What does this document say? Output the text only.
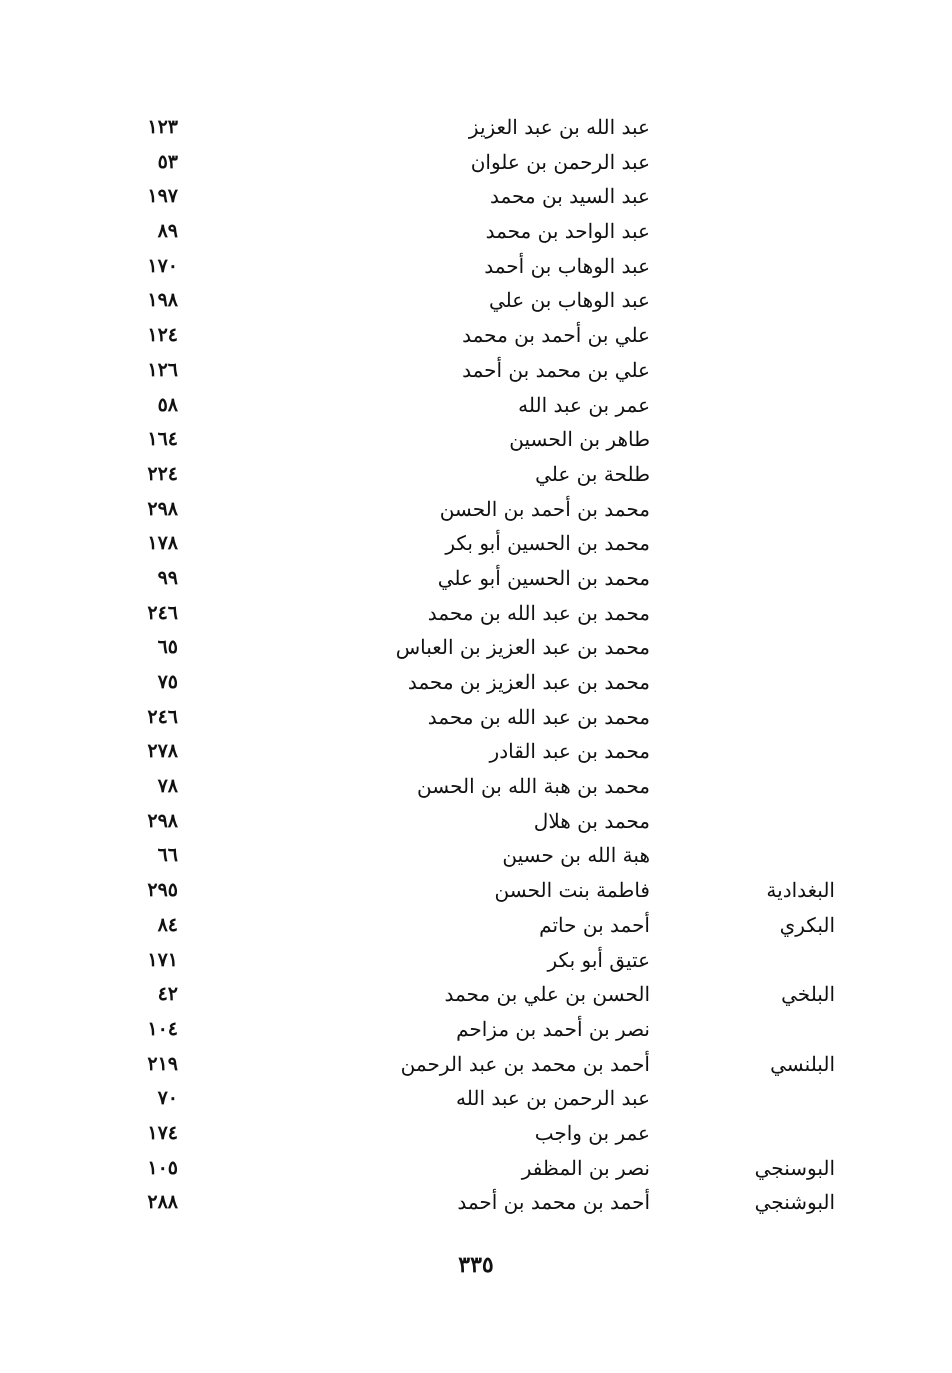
عبد الله بن عبد العزيز
١٢٣
عبد الرحمن بن علوان
٥٣
عبد السيد بن محمد
١٩٧
عبد الواحد بن محمد
٨٩
عبد الوهاب بن أحمد
١٧٠
عبد الوهاب بن علي
١٩٨
علي بن أحمد بن محمد
١٢٤
علي بن محمد بن أحمد
١٢٦
عمر بن عبد الله
٥٨
طاهر بن الحسين
١٦٤
طلحة بن علي
٢٢٤
محمد بن أحمد بن الحسن
٢٩٨
محمد بن الحسين أبو بكر
١٧٨
محمد بن الحسين أبو علي
٩٩
محمد بن عبد الله بن محمد
٢٤٦
محمد بن عبد العزيز بن العباس
٦٥
محمد بن عبد العزيز بن محمد
٧٥
محمد بن عبد الله بن محمد
٢٤٦
محمد بن عبد القادر
٢٧٨
محمد بن هبة الله بن الحسن
٧٨
محمد بن هلال
٢٩٨
هبة الله بن حسين
٦٦
البغدادية
فاطمة بنت الحسن
٢٩٥
البكري
أحمد بن حاتم
٨٤
عتيق أبو بكر
١٧١
البلخي
الحسن بن علي بن محمد
٤٢
نصر بن أحمد بن مزاحم
١٠٤
البلنسي
أحمد بن محمد بن عبد الرحمن
٢١٩
عبد الرحمن بن عبد الله
٧٠
عمر بن واجب
١٧٤
البوسنجي
نصر بن المظفر
١٠٥
البوشنجي
أحمد بن محمد بن أحمد
٢٨٨
٣٣٥
